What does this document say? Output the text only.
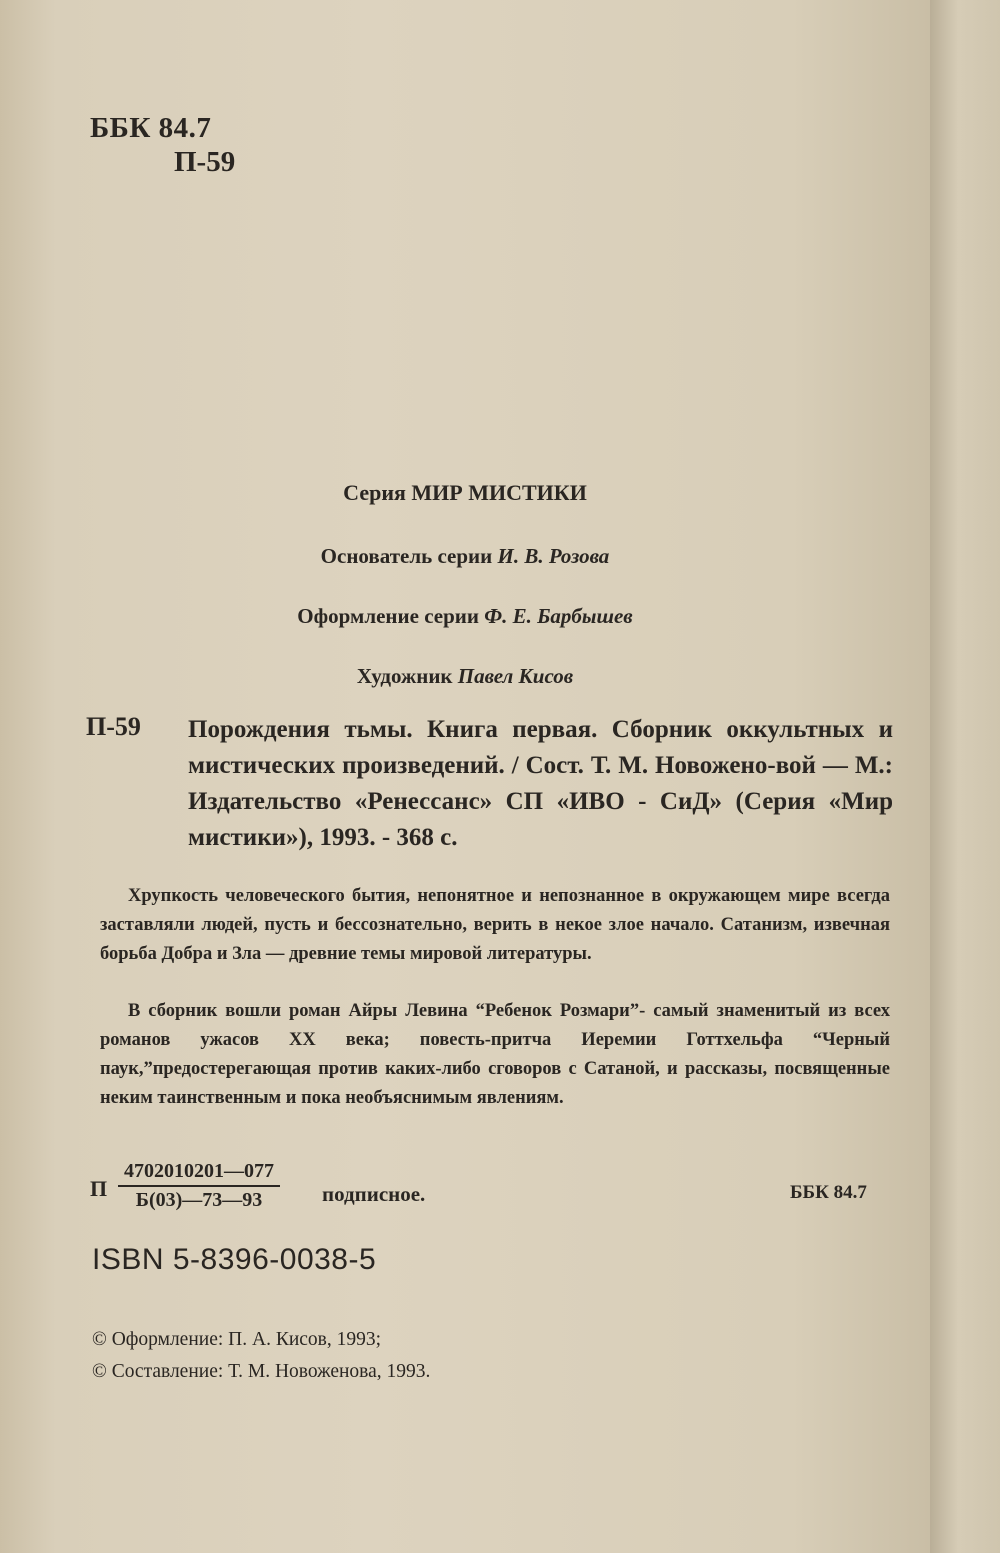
ББК 84.7
П-59
Серия МИР МИСТИКИ
Основатель серии И. В. Розова
Оформление серии Ф. Е. Барбышев
Художник Павел Кисов
П-59 Порождения тьмы. Книга первая. Сборник оккультных и мистических произведений. / Сост. Т. М. Новожено-вой — М.: Издательство «Ренессанс» СП «ИВО - СиД» (Серия «Мир мистики»), 1993. - 368 с.

Хрупкость человеческого бытия, непонятное и непознанное в окружающем мире всегда заставляли людей, пусть и бессознательно, верить в некое злое начало. Сатанизм, извечная борьба Добра и Зла — древние темы мировой литературы.

В сборник вошли роман Айры Левина “Ребенок Розмари”- самый знаменитый из всех романов ужасов XX века; повесть-притча Иеремии Готтхельфа “Черный паук,”предостерегающая против каких-либо сговоров с Сатаной, и рассказы, посвященные неким таинственным и пока необъяснимым явлениям.

П
4702010201—077
Б(03)—73—93	подписное.	ББК 84.7
ISBN 5-8396-0038-5
© Оформление: П. А. Кисов, 1993;
© Составление: Т. М. Новоженова, 1993.
